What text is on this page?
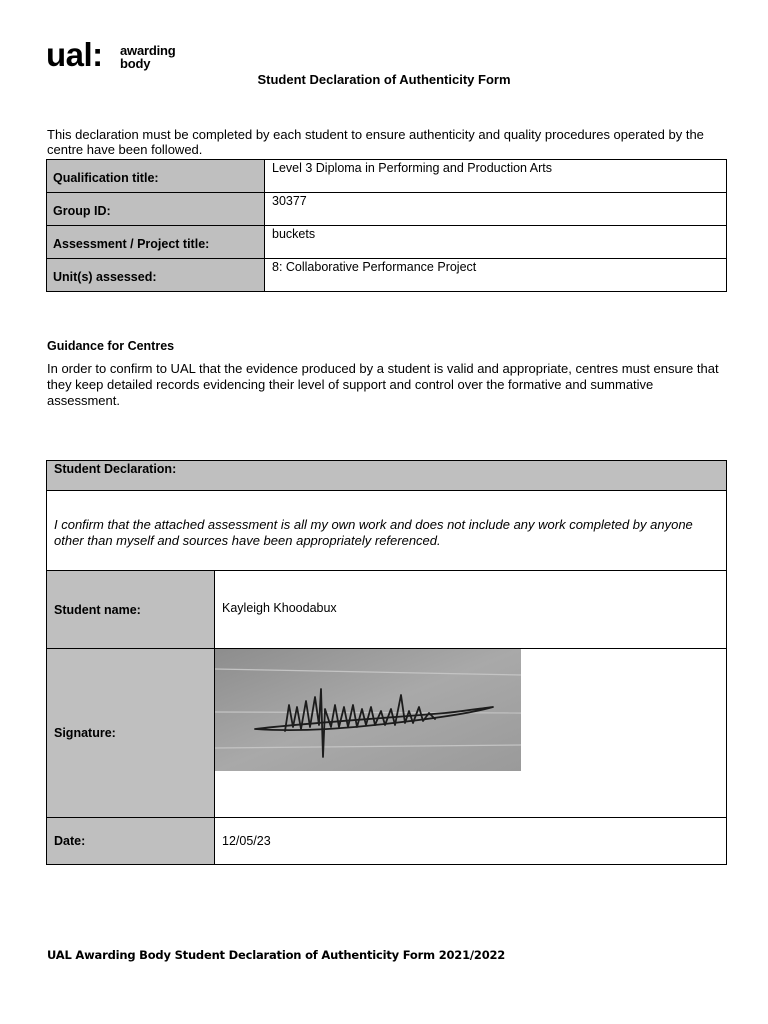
ual: awarding
body
Student Declaration of Authenticity Form
This declaration must be completed by each student to ensure authenticity and quality procedures operated by the centre have been followed.
Qualification title:	Level 3 Diploma in Performing and Production Arts
Group ID:	30377
Assessment / Project title:	buckets
Unit(s) assessed:	8: Collaborative Performance Project
Guidance for Centres
In order to confirm to UAL that the evidence produced by a student is valid and appropriate, centres must ensure that they keep detailed records evidencing their level of support and control over the formative and summative assessment.
Student Declaration:	

I confirm that the attached assessment is all my own work and does not include any work completed by anyone other than myself and sources have been appropriately referenced.	
Student name:	Kayleigh Khoodabux
Signature:	

Date:	12/05/23
UAL Awarding Body Student Declaration of Authenticity Form 2021/2022
